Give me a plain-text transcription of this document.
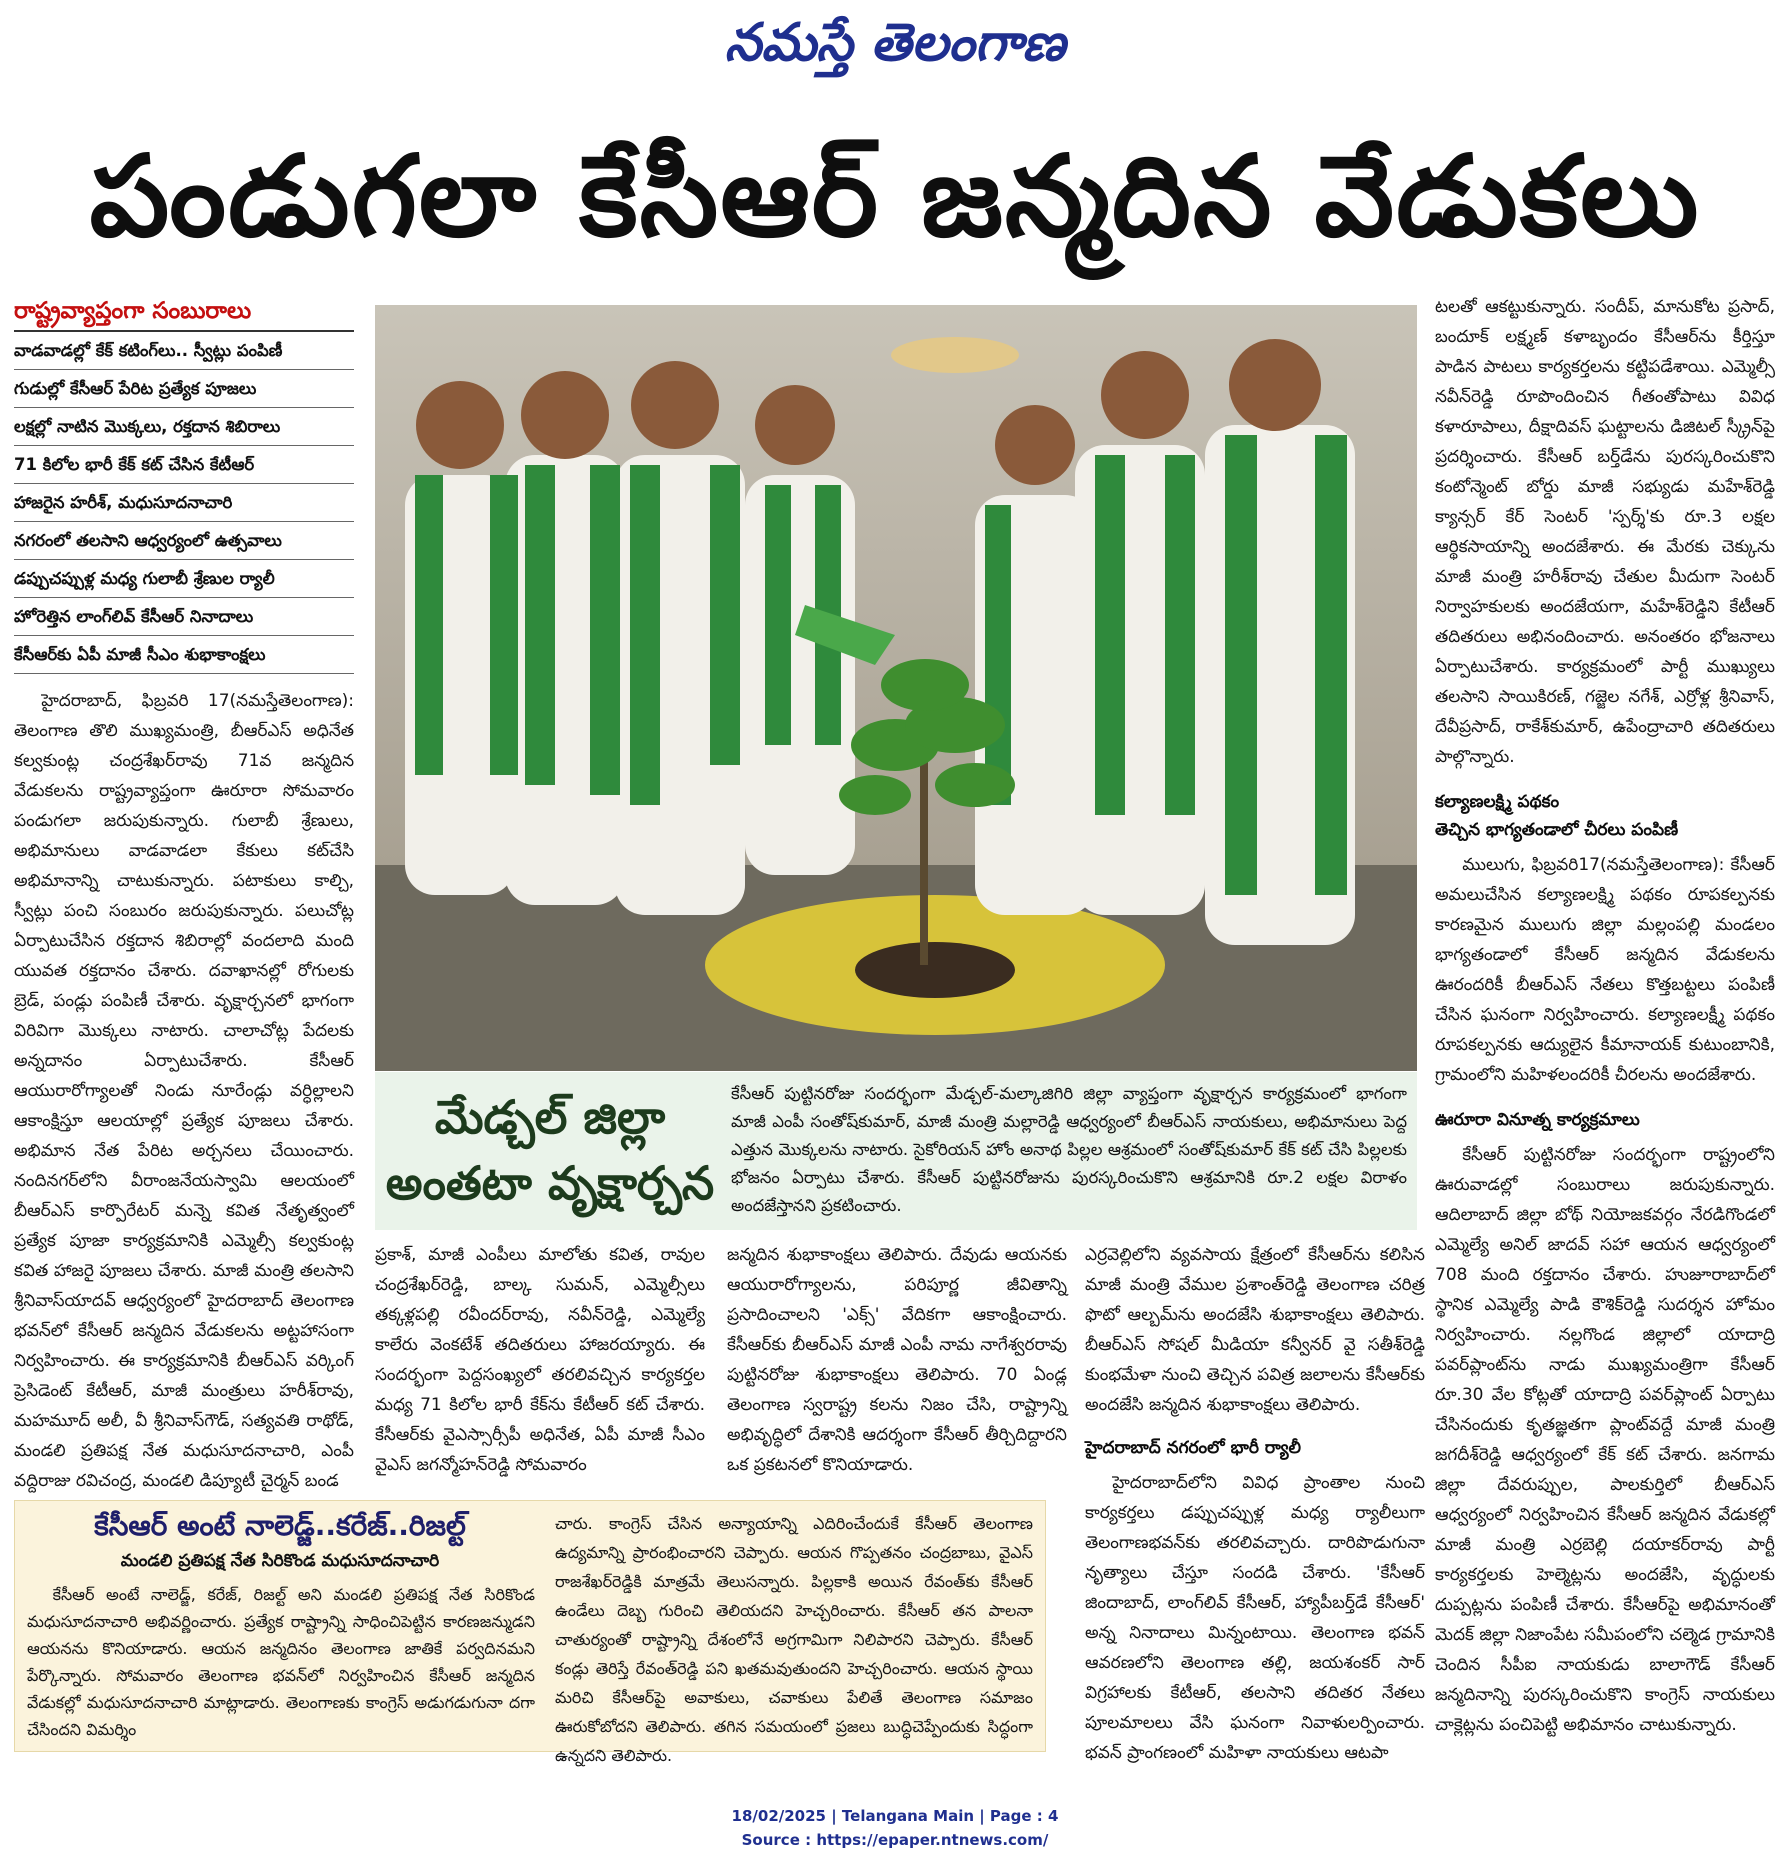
నమస్తే తెలంగాణ
పండుగలా కేసీఆర్ జన్మదిన వేడుకలు
రాష్ట్రవ్యాప్తంగా సంబురాలు
వాడవాడల్లో కేక్ కటింగ్‌లు.. స్వీట్లు పంపిణీ
గుడుల్లో కేసీఆర్ పేరిట ప్రత్యేక పూజలు
లక్షల్లో నాటిన మొక్కలు, రక్తదాన శిబిరాలు
71 కిలోల భారీ కేక్ కట్ చేసిన కేటీఆర్
హాజరైన హరీశ్, మధుసూదనాచారి
నగరంలో తలసాని ఆధ్వర్యంలో ఉత్సవాలు
డప్పుచప్పుళ్ల మధ్య గులాబీ శ్రేణుల ర్యాలీ
హోరెత్తిన లాంగ్‌లివ్ కేసీఆర్ నినాదాలు
కేసీఆర్‌కు ఏపీ మాజీ సీఎం శుభాకాంక్షలు

హైదరాబాద్, ఫిబ్రవరి 17(నమస్తేతెలంగాణ): తెలంగాణ తొలి ముఖ్యమంత్రి, బీఆర్‌ఎస్ అధినేత కల్వకుంట్ల చంద్రశేఖర్‌రావు 71వ జన్మదిన వేడుకలను రాష్ట్రవ్యాప్తంగా ఊరూరా సోమవారం పండుగలా జరుపుకున్నారు. గులాబీ శ్రేణులు, అభిమానులు వాడవాడలా కేకులు కట్‌చేసి అభిమానాన్ని చాటుకున్నారు. పటాకులు కాల్చి, స్వీట్లు పంచి సంబురం జరుపుకున్నారు. పలుచోట్ల ఏర్పాటుచేసిన రక్తదాన శిబిరాల్లో వందలాది మంది యువత రక్తదానం చేశారు. దవాఖానల్లో రోగులకు బ్రెడ్, పండ్లు పంపిణీ చేశారు. వృక్షార్చనలో భాగంగా విరివిగా మొక్కలు నాటారు. చాలాచోట్ల పేదలకు అన్నదానం ఏర్పాటుచేశారు. కేసీఆర్ ఆయురారోగ్యాలతో నిండు నూరేండ్లు వర్ధిల్లాలని ఆకాంక్షిస్తూ ఆలయాల్లో ప్రత్యేక పూజలు చేశారు. అభిమాన నేత పేరిట అర్చనలు చేయించారు. నందినగర్‌లోని వీరాంజనేయస్వామి ఆలయంలో బీఆర్‌ఎస్ కార్పొరేటర్ మన్నె కవిత నేతృత్వంలో ప్రత్యేక పూజా కార్యక్రమానికి ఎమ్మెల్సీ కల్వకుంట్ల కవిత హాజరై పూజలు చేశారు. మాజీ మంత్రి తలసాని శ్రీనివాస్‌యాదవ్ ఆధ్వర్యంలో హైదరాబాద్ తెలంగాణ భవన్‌లో కేసీఆర్ జన్మదిన వేడుకలను అట్టహాసంగా నిర్వహించారు. ఈ కార్యక్రమానికి బీఆర్‌ఎస్ వర్కింగ్ ప్రెసిడెంట్ కేటీఆర్, మాజీ మంత్రులు హరీశ్‌రావు, మహమూద్ అలీ, వీ శ్రీనివాస్‌గౌడ్, సత్యవతి రాథోడ్, మండలి ప్రతిపక్ష నేత మధుసూదనాచారి, ఎంపీ వద్దిరాజు రవిచంద్ర, మండలి డిప్యూటీ చైర్మన్ బండ

మేడ్చల్ జిల్లా
అంతటా వృక్షార్చన
కేసీఆర్ పుట్టినరోజు సందర్భంగా మేడ్చల్-మల్కాజిగిరి జిల్లా వ్యాప్తంగా వృక్షార్చన కార్యక్రమంలో భాగంగా మాజీ ఎంపీ సంతోష్‌కుమార్, మాజీ మంత్రి మల్లారెడ్డి ఆధ్వర్యంలో బీఆర్‌ఎస్ నాయకులు, అభిమానులు పెద్ద ఎత్తున మొక్కలను నాటారు. సైకోరియన్ హోం అనాథ పిల్లల ఆశ్రమంలో సంతోష్‌కుమార్ కేక్ కట్ చేసి పిల్లలకు భోజనం ఏర్పాటు చేశారు. కేసీఆర్ పుట్టినరోజును పురస్కరించుకొని ఆశ్రమానికి రూ.2 లక్షల విరాళం అందజేస్తానని ప్రకటించారు.

ప్రకాశ్, మాజీ ఎంపీలు మాలోతు కవిత, రావుల చంద్రశేఖర్‌రెడ్డి, బాల్క సుమన్, ఎమ్మెల్సీలు తక్కళ్లపల్లి రవీందర్‌రావు, నవీన్‌రెడ్డి, ఎమ్మెల్యే కాలేరు వెంకటేశ్ తదితరులు హాజరయ్యారు. ఈ సందర్భంగా పెద్దసంఖ్యలో తరలివచ్చిన కార్యకర్తల మధ్య 71 కిలోల భారీ కేక్‌ను కేటీఆర్ కట్ చేశారు. కేసీఆర్‌కు వైఎస్సార్సీపీ అధినేత, ఏపీ మాజీ సీఎం వైఎస్ జగన్మోహన్‌రెడ్డి సోమవారం

జన్మదిన శుభాకాంక్షలు తెలిపారు. దేవుడు ఆయనకు ఆయురారోగ్యాలను, పరిపూర్ణ జీవితాన్ని ప్రసాదించాలని 'ఎక్స్' వేదికగా ఆకాంక్షించారు. కేసీఆర్‌కు బీఆర్‌ఎస్ మాజీ ఎంపీ నామ నాగేశ్వరరావు పుట్టినరోజు శుభాకాంక్షలు తెలిపారు. 70 ఏండ్ల తెలంగాణ స్వరాష్ట్ర కలను నిజం చేసి, రాష్ట్రాన్ని అభివృద్ధిలో దేశానికి ఆదర్శంగా కేసీఆర్ తీర్చిదిద్దారని ఒక ప్రకటనలో కొనియాడారు.

ఎర్రవెల్లిలోని వ్యవసాయ క్షేత్రంలో కేసీఆర్‌ను కలిసిన మాజీ మంత్రి వేముల ప్రశాంత్‌రెడ్డి తెలంగాణ చరిత్ర ఫొటో ఆల్బమ్‌ను అందజేసి శుభాకాంక్షలు తెలిపారు. బీఆర్‌ఎస్ సోషల్ మీడియా కన్వీనర్ వై సతీశ్‌రెడ్డి కుంభమేళా నుంచి తెచ్చిన పవిత్ర జలాలను కేసీఆర్‌కు అందజేసి జన్మదిన శుభాకాంక్షలు తెలిపారు.

హైదరాబాద్ నగరంలో భారీ ర్యాలీ

హైదరాబాద్‌లోని వివిధ ప్రాంతాల నుంచి కార్యకర్తలు డప్పుచప్పుళ్ల మధ్య ర్యాలీలుగా తెలంగాణభవన్‌కు తరలివచ్చారు. దారిపొడుగునా నృత్యాలు చేస్తూ సందడి చేశారు. 'కేసీఆర్ జిందాబాద్, లాంగ్‌లివ్ కేసీఆర్, హ్యాపీబర్త్‌డే కేసీఆర్' అన్న నినాదాలు మిన్నంటాయి. తెలంగాణ భవన్ ఆవరణలోని తెలంగాణ తల్లి, జయశంకర్ సార్ విగ్రహాలకు కేటీఆర్, తలసాని తదితర నేతలు పూలమాలలు వేసి ఘనంగా నివాళులర్పించారు. భవన్ ప్రాంగణంలో మహిళా నాయకులు ఆటపా

టలతో ఆకట్టుకున్నారు. సందీప్, మానుకోట ప్రసాద్, బందూక్ లక్ష్మణ్ కళాబృందం కేసీఆర్‌ను కీర్తిస్తూ పాడిన పాటలు కార్యకర్తలను కట్టిపడేశాయి. ఎమ్మెల్సీ నవీన్‌రెడ్డి రూపొందించిన గీతంతోపాటు వివిధ కళారూపాలు, దీక్షాదివస్ ఘట్టాలను డిజిటల్ స్క్రీన్‌పై ప్రదర్శించారు. కేసీఆర్ బర్త్‌డేను పురస్కరించుకొని కంటోన్మెంట్ బోర్డు మాజీ సభ్యుడు మహేశ్‌రెడ్డి క్యాన్సర్ కేర్ సెంటర్ 'స్పర్శ్'కు రూ.3 లక్షల ఆర్థికసాయాన్ని అందజేశారు. ఈ మేరకు చెక్కును మాజీ మంత్రి హరీశ్‌రావు చేతుల మీదుగా సెంటర్ నిర్వాహకులకు అందజేయగా, మహేశ్‌రెడ్డిని కేటీఆర్ తదితరులు అభినందించారు. అనంతరం భోజనాలు ఏర్పాటుచేశారు. కార్యక్రమంలో పార్టీ ముఖ్యులు తలసాని సాయికిరణ్, గజ్జెల నగేశ్, ఎర్రోళ్ల శ్రీనివాస్, దేవీప్రసాద్, రాకేశ్‌కుమార్, ఉపేంద్రాచారి తదితరులు పాల్గొన్నారు.

కల్యాణలక్ష్మి పథకం
తెచ్చిన భాగ్యతండాలో చీరలు పంపిణీ

ములుగు, ఫిబ్రవరి17(నమస్తేతెలంగాణ): కేసీఆర్ అమలుచేసిన కల్యాణలక్ష్మి పథకం రూపకల్పనకు కారణమైన ములుగు జిల్లా మల్లంపల్లి మండలం భాగ్యతండాలో కేసీఆర్ జన్మదిన వేడుకలను ఊరందరికీ బీఆర్‌ఎస్ నేతలు కొత్తబట్టలు పంపిణీ చేసిన ఘనంగా నిర్వహించారు. కల్యాణలక్ష్మీ పథకం రూపకల్పనకు ఆద్యులైన కీమానాయక్ కుటుంబానికి, గ్రామంలోని మహిళలందరికీ చీరలను అందజేశారు.

ఊరూరా వినూత్న కార్యక్రమాలు

కేసీఆర్ పుట్టినరోజు సందర్భంగా రాష్ట్రంలోని ఊరువాడల్లో సంబురాలు జరుపుకున్నారు. ఆదిలాబాద్ జిల్లా బోథ్ నియోజకవర్గం నేరడిగొండలో ఎమ్మెల్యే అనిల్ జాదవ్ సహా ఆయన ఆధ్వర్యంలో 708 మంది రక్తదానం చేశారు. హుజూరాబాద్‌లో స్థానిక ఎమ్మెల్యే పాడి కౌశిక్‌రెడ్డి సుదర్శన హోమం నిర్వహించారు. నల్లగొండ జిల్లాలో యాదాద్రి పవర్‌ప్లాంట్‌ను నాడు ముఖ్యమంత్రిగా కేసీఆర్ రూ.30 వేల కోట్లతో యాదాద్రి పవర్‌ప్లాంట్ ఏర్పాటు చేసినందుకు కృతజ్ఞతగా ప్లాంట్‌వద్దే మాజీ మంత్రి జగదీశ్‌రెడ్డి ఆధ్వర్యంలో కేక్ కట్ చేశారు. జనగామ జిల్లా దేవరుప్పుల, పాలకుర్తిలో బీఆర్‌ఎస్ ఆధ్వర్యంలో నిర్వహించిన కేసీఆర్ జన్మదిన వేడుకల్లో మాజీ మంత్రి ఎర్రబెల్లి దయాకర్‌రావు పార్టీ కార్యకర్తలకు హెల్మెట్లను అందజేసి, వృద్ధులకు దుప్పట్లను పంపిణీ చేశారు. కేసీఆర్‌పై అభిమానంతో మెదక్ జిల్లా నిజాంపేట సమీపంలోని చల్మెడ గ్రామానికి చెందిన సీపీఐ నాయకుడు బాలాగౌడ్ కేసీఆర్ జన్మదినాన్ని పురస్కరించుకొని కాంగ్రెస్ నాయకులు చాక్లెట్లను పంచిపెట్టి అభిమానం చాటుకున్నారు.

కేసీఆర్ అంటే నాలెడ్జ్..కరేజ్..రిజల్ట్
మండలి ప్రతిపక్ష నేత సిరికొండ మధుసూదనాచారి

కేసీఆర్ అంటే నాలెడ్జ్, కరేజ్, రిజల్ట్ అని మండలి ప్రతిపక్ష నేత సిరికొండ మధుసూదనాచారి అభివర్ణించారు. ప్రత్యేక రాష్ట్రాన్ని సాధించిపెట్టిన కారణజన్ముడని ఆయనను కొనియాడారు. ఆయన జన్మదినం తెలంగాణ జాతికే పర్వదినమని పేర్కొన్నారు. సోమవారం తెలంగాణ భవన్‌లో నిర్వహించిన కేసీఆర్ జన్మదిన వేడుకల్లో మధుసూదనాచారి మాట్లాడారు. తెలంగాణకు కాంగ్రెస్ అడుగడుగునా దగా చేసిందని విమర్శిం

చారు. కాంగ్రెస్ చేసిన అన్యాయాన్ని ఎదిరించేందుకే కేసీఆర్ తెలంగాణ ఉద్యమాన్ని ప్రారంభించారని చెప్పారు. ఆయన గొప్పతనం చంద్రబాబు, వైఎస్ రాజశేఖర్‌రెడ్డికి మాత్రమే తెలుసన్నారు. పిల్లకాకి అయిన రేవంత్‌కు కేసీఆర్ ఉండేలు దెబ్బ గురించి తెలియదని హెచ్చరించారు. కేసీఆర్ తన పాలనా చాతుర్యంతో రాష్ట్రాన్ని దేశంలోనే అగ్రగామిగా నిలిపారని చెప్పారు. కేసీఆర్ కండ్లు తెరిస్తే రేవంత్‌రెడ్డి పని ఖతమవుతుందని హెచ్చరించారు. ఆయన స్థాయి మరిచి కేసీఆర్‌పై అవాకులు, చవాకులు పేలితే తెలంగాణ సమాజం ఊరుకోబోదని తెలిపారు. తగిన సమయంలో ప్రజలు బుద్ధిచెప్పేందుకు సిద్ధంగా ఉన్నదని తెలిపారు.

18/02/2025 | Telangana Main | Page : 4
Source : https://epaper.ntnews.com/
